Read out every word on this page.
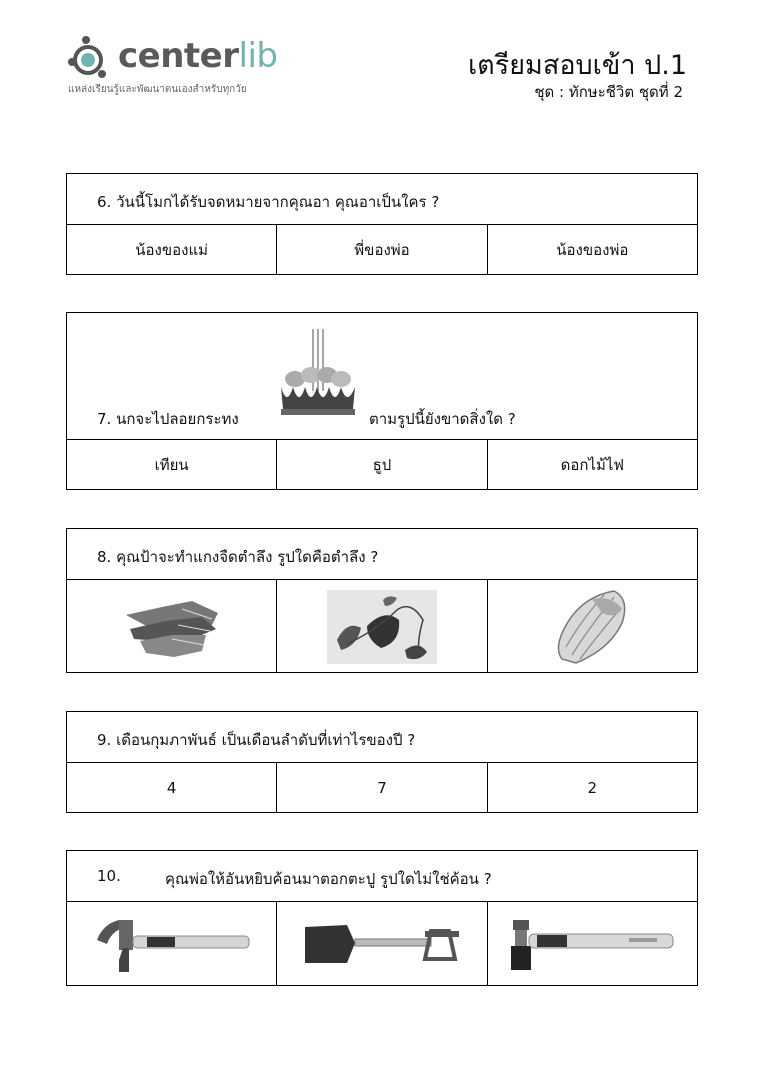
centerlib
แหล่งเรียนรู้และพัฒนาตนเองสำหรับทุกวัย
เตรียมสอบเข้า ป.1
ชุด : ทักษะชีวิต ชุดที่ 2
6. วันนี้โมกได้รับจดหมายจากคุณอา คุณอาเป็นใคร ?
น้องของแม่	พี่ของพ่อ	น้องของพ่อ
7. นกจะไปลอยกระทง	ตามรูปนี้ยังขาดสิ่งใด ?
เทียน	ธูป	ดอกไม้ไฟ
8. คุณป้าจะทำแกงจืดตำลึง รูปใดคือตำลึง ?
9. เดือนกุมภาพันธ์ เป็นเดือนลำดับที่เท่าไรของปี ?
4	7	2
10.	คุณพ่อให้อันหยิบค้อนมาตอกตะปู รูปใดไม่ใช่ค้อน ?
